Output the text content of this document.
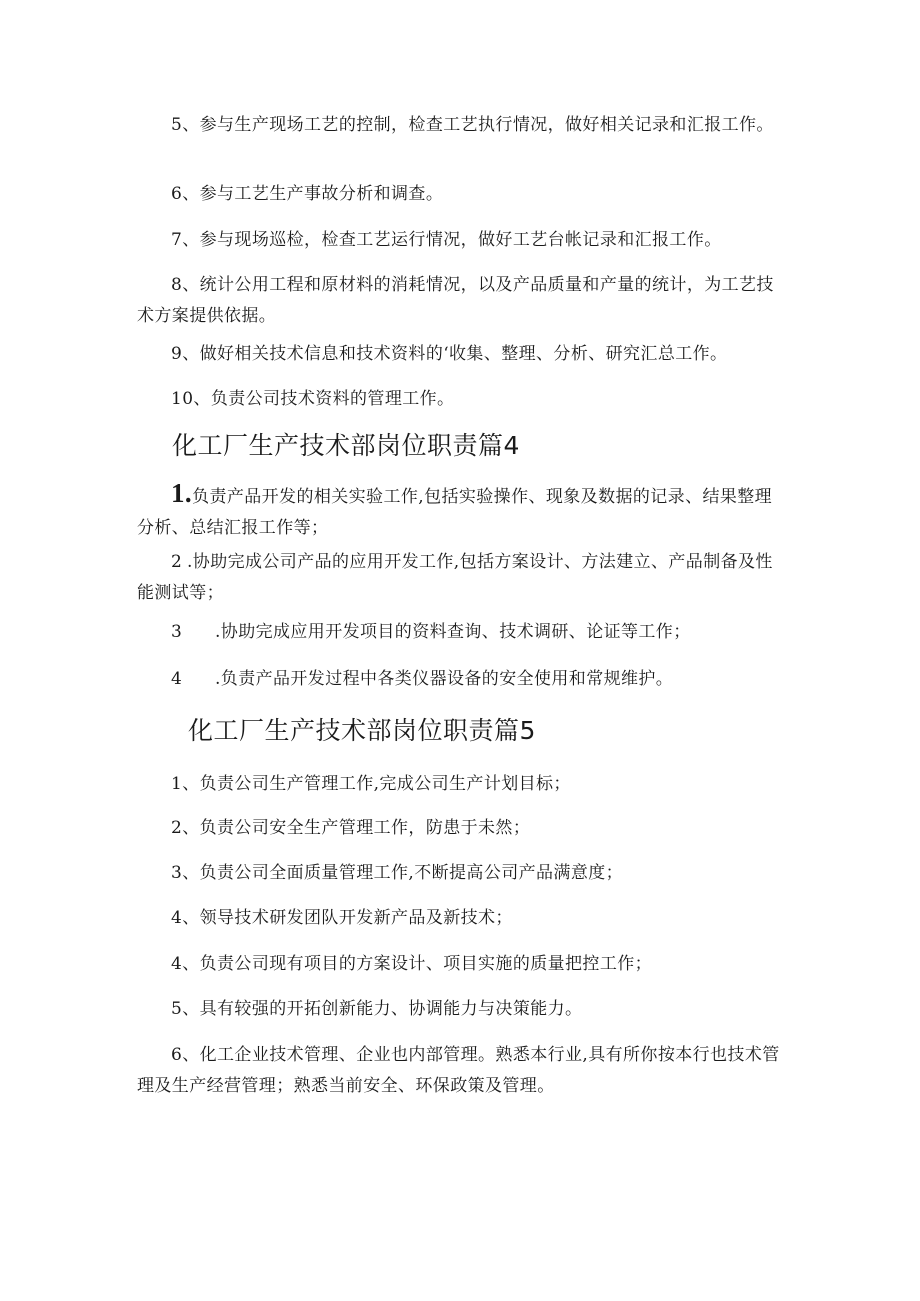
5、参与生产现场工艺的控制，检查工艺执行情况，做好相关记录和汇报工作。

6、参与工艺生产事故分析和调查。

7、参与现场巡检，检查工艺运行情况，做好工艺台帐记录和汇报工作。

8、统计公用工程和原材料的消耗情况，以及产品质量和产量的统计，为工艺技术方案提供依据。

9、做好相关技术信息和技术资料的‘收集、整理、分析、研究汇总工作。

10、负责公司技术资料的管理工作。

化工厂生产技术部岗位职责篇4

1.负责产品开发的相关实验工作,包括实验操作、现象及数据的记录、结果整理分析、总结汇报工作等；

2 .协助完成公司产品的应用开发工作,包括方案设计、方法建立、产品制备及性能测试等；

3 .协助完成应用开发项目的资料查询、技术调研、论证等工作；

4 .负责产品开发过程中各类仪器设备的安全使用和常规维护。

化工厂生产技术部岗位职责篇5

1、负责公司生产管理工作,完成公司生产计划目标；

2、负责公司安全生产管理工作，防患于未然；

3、负责公司全面质量管理工作,不断提高公司产品满意度；

4、领导技术研发团队开发新产品及新技术；

4、负责公司现有项目的方案设计、项目实施的质量把控工作；

5、具有较强的开拓创新能力、协调能力与决策能力。

6、化工企业技术管理、企业也内部管理。熟悉本行业,具有所你按本行也技术管理及生产经营管理；熟悉当前安全、环保政策及管理。
